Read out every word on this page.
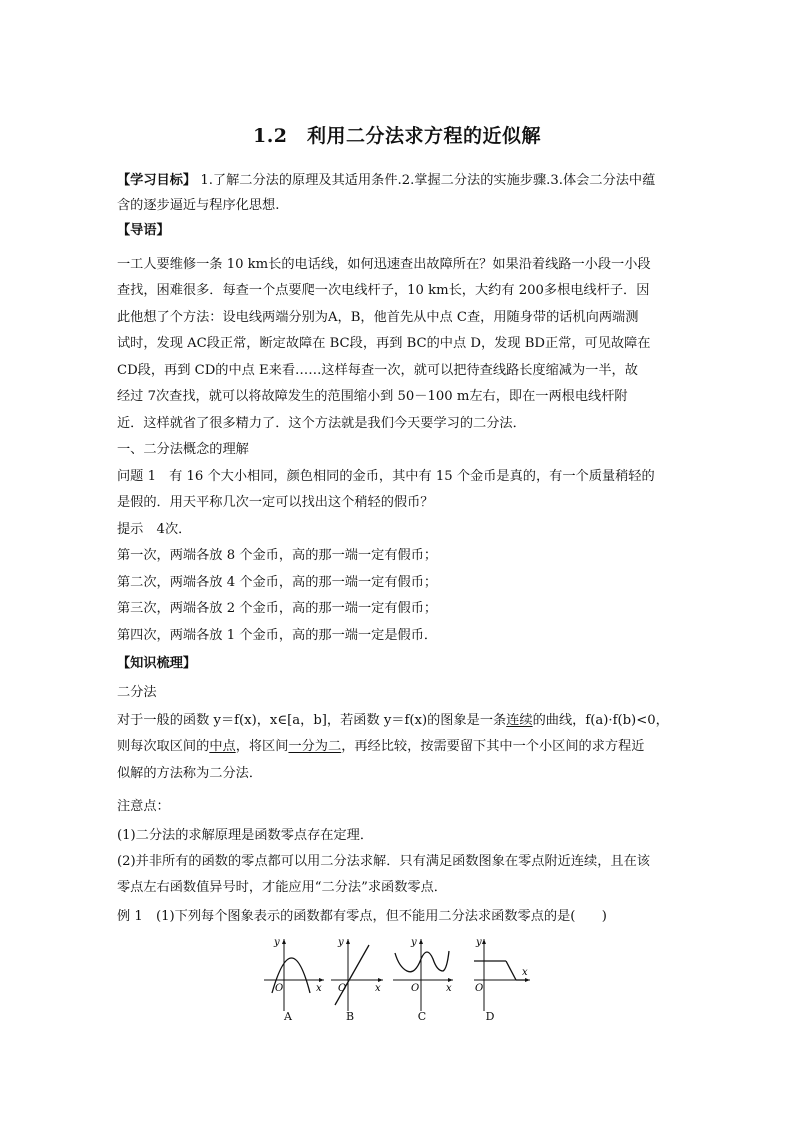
1.2　利用二分法求方程的近似解
【学习目标】 1.了解二分法的原理及其适用条件.2.掌握二分法的实施步骤.3.体会二分法中蕴
含的逐步逼近与程序化思想.
【导语】
一工人要维修一条 10 km长的电话线，如何迅速查出故障所在？如果沿着线路一小段一小段
查找，困难很多．每查一个点要爬一次电线杆子，10 km长，大约有 200多根电线杆子．因
此他想了个方法：设电线两端分别为A，B，他首先从中点 C查，用随身带的话机向两端测
试时，发现 AC段正常，断定故障在 BC段，再到 BC的中点 D，发现 BD正常，可见故障在
CD段，再到 CD的中点 E来看……这样每查一次，就可以把待查线路长度缩减为一半，故
经过 7次查找，就可以将故障发生的范围缩小到 50－100 m左右，即在一两根电线杆附
近．这样就省了很多精力了．这个方法就是我们今天要学习的二分法．
一、二分法概念的理解
问题 1　有 16 个大小相同，颜色相同的金币，其中有 15 个金币是真的，有一个质量稍轻的
是假的．用天平称几次一定可以找出这个稍轻的假币？
提示　4次．
第一次，两端各放 8 个金币，高的那一端一定有假币；
第二次，两端各放 4 个金币，高的那一端一定有假币；
第三次，两端各放 2 个金币，高的那一端一定有假币；
第四次，两端各放 1 个金币，高的那一端一定是假币．
【知识梳理】
二分法
对于一般的函数 y＝f(x)，x∈[a，b]，若函数 y＝f(x)的图象是一条连续的曲线，f(a)·f(b)<0，
则每次取区间的中点，将区间一分为二，再经比较，按需要留下其中一个小区间的求方程近
似解的方法称为二分法．
注意点：
(1)二分法的求解原理是函数零点存在定理．
(2)并非所有的函数的零点都可以用二分法求解．只有满足函数图象在零点附近连续，且在该
零点左右函数值异号时，才能应用“二分法”求函数零点．
例 1　(1)下列每个图象表示的函数都有零点，但不能用二分法求函数零点的是(　　)
y
x
O
A
y
x
O
B
y
x
O
C
y
x
O
D
